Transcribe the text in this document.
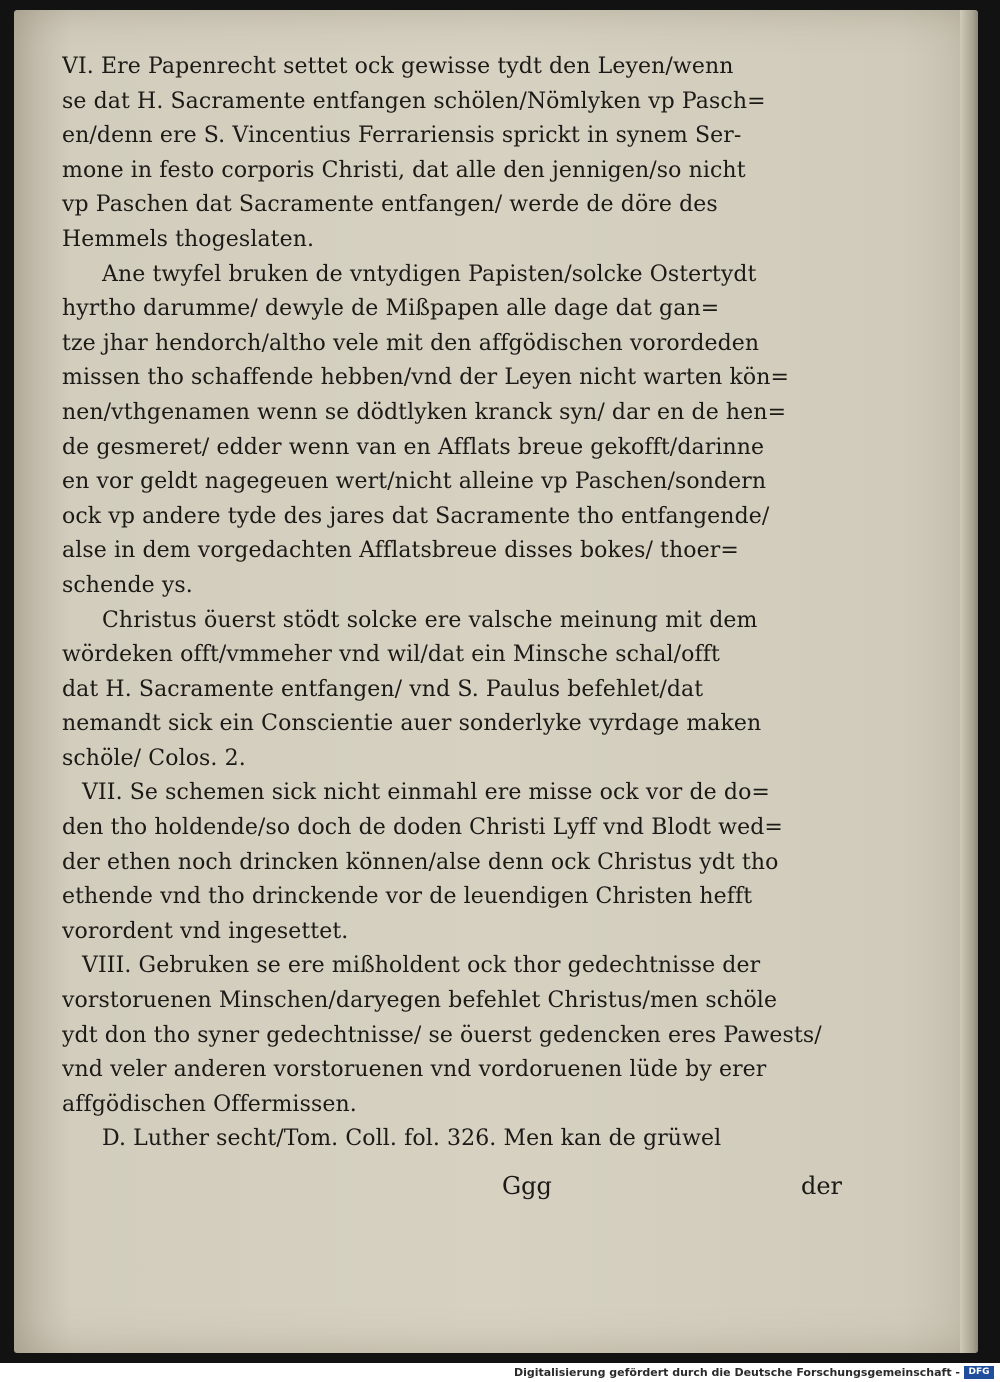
VI. Ere Papenrecht settet ock gewisse tydt den Leyen/wenn
se dat H. Sacramente entfangen schölen/Nömlyken vp Pasch=
en/denn ere S. Vincentius Ferrariensis sprickt in synem Ser-
mone in festo corporis Christi, dat alle den jennigen/so nicht
vp Paschen dat Sacramente entfangen/ werde de döre des
Hemmels thogeslaten.
Ane twyfel bruken de vntydigen Papisten/solcke Ostertydt
hyrtho darumme/ dewyle de Mißpapen alle dage dat gan=
tze jhar hendorch/altho vele mit den affgödischen vorordeden
missen tho schaffende hebben/vnd der Leyen nicht warten kön=
nen/vthgenamen wenn se dödtlyken kranck syn/ dar en de hen=
de gesmeret/ edder wenn van en Afflats breue gekofft/darinne
en vor geldt nagegeuen wert/nicht alleine vp Paschen/sondern
ock vp andere tyde des jares dat Sacramente tho entfangende/
alse in dem vorgedachten Afflatsbreue disses bokes/ thoer=
schende ys.
Christus öuerst stödt solcke ere valsche meinung mit dem
wördeken offt/vmmeher vnd wil/dat ein Minsche schal/offt
dat H. Sacramente entfangen/ vnd S. Paulus befehlet/dat
nemandt sick ein Conscientie auer sonderlyke vyrdage maken
schöle/ Colos. 2.
VII. Se schemen sick nicht einmahl ere misse ock vor de do=
den tho holdende/so doch de doden Christi Lyff vnd Blodt wed=
der ethen noch drincken können/alse denn ock Christus ydt tho
ethende vnd tho drinckende vor de leuendigen Christen hefft
vorordent vnd ingesettet.
VIII. Gebruken se ere mißholdent ock thor gedechtnisse der
vorstoruenen Minschen/daryegen befehlet Christus/men schöle
ydt don tho syner gedechtnisse/ se öuerst gedencken eres Pawests/
vnd veler anderen vorstoruenen vnd vordoruenen lüde by erer
affgödischen Offermissen.
D. Luther secht/Tom. Coll. fol. 326. Men kan de grüwel
Ggg	der
Digitalisierung gefördert durch die Deutsche Forschungsgemeinschaft - DFG
